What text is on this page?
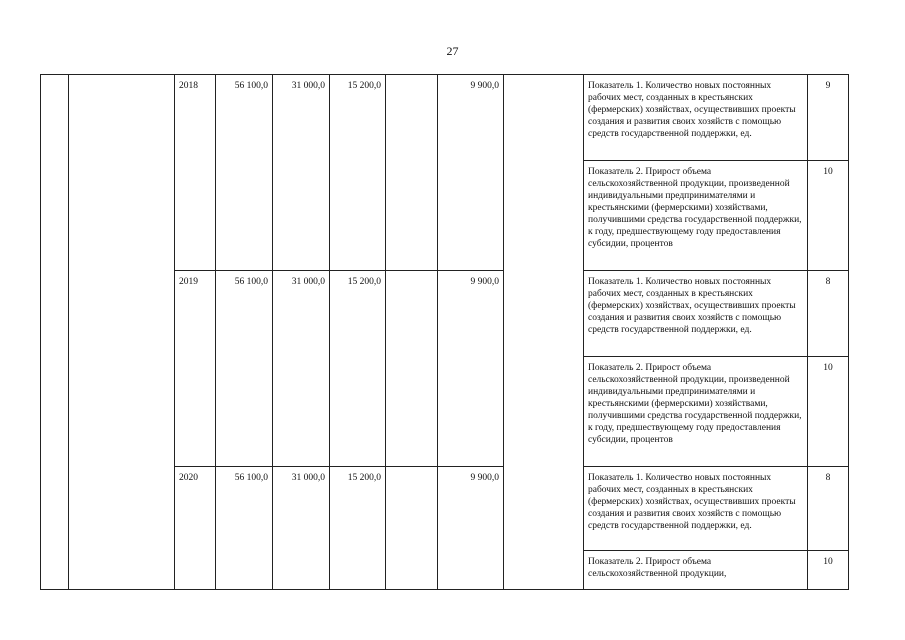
27
		2018	56 100,0	31 000,0	15 200,0		9 900,0		Показатель 1. Количество новых постоянных рабочих мест, созданных в крестьянских (фермерских) хозяйствах, осуществивших проекты создания и развития своих хозяйств с помощью средств государственной поддержки, ед.	9
									Показатель 2. Прирост объема сельскохозяйственной продукции, произведенной индивидуальными предпринимателями и крестьянскими (фермерскими) хозяйствами, получившими средства государственной поддержки, к году, предшествующему году предоставления субсидии, процентов	10
		2019	56 100,0	31 000,0	15 200,0		9 900,0		Показатель 1. Количество новых постоянных рабочих мест, созданных в крестьянских (фермерских) хозяйствах, осуществивших проекты создания и развития своих хозяйств с помощью средств государственной поддержки, ед.	8
									Показатель 2. Прирост объема сельскохозяйственной продукции, произведенной индивидуальными предпринимателями и крестьянскими (фермерскими) хозяйствами, получившими средства государственной поддержки, к году, предшествующему году предоставления субсидии, процентов	10
		2020	56 100,0	31 000,0	15 200,0		9 900,0		Показатель 1. Количество новых постоянных рабочих мест, созданных в крестьянских (фермерских) хозяйствах, осуществивших проекты создания и развития своих хозяйств с помощью средств государственной поддержки, ед.	8
									Показатель 2. Прирост объема сельскохозяйственной продукции,	10
